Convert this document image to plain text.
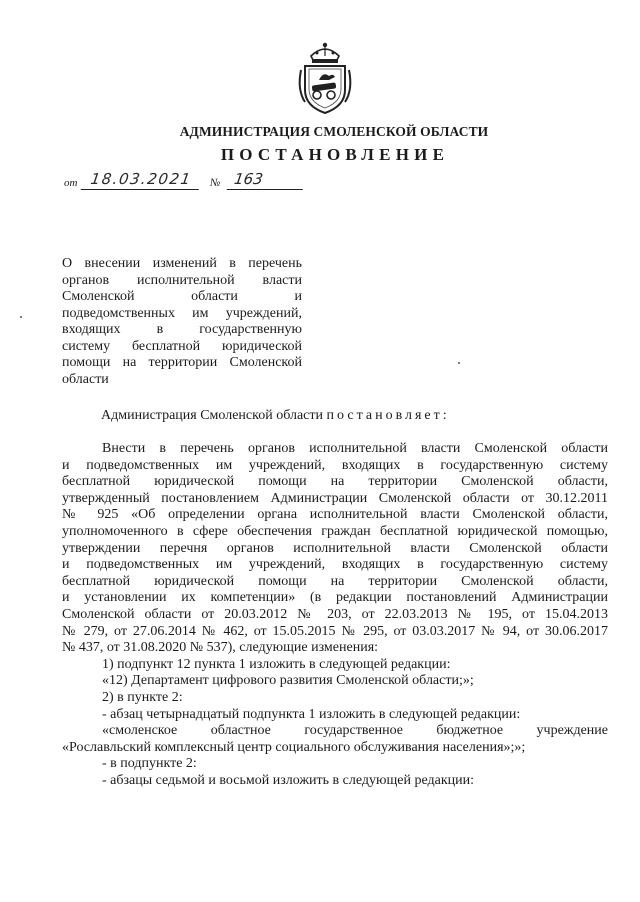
АДМИНИСТРАЦИЯ СМОЛЕНСКОЙ ОБЛАСТИ
ПОСТАНОВЛЕНИЕ
от 18.03.2021	№ 163
О внесении изменений в перечень
органов исполнительной власти
Смоленской области и
подведомственных им учреждений,
входящих в государственную
систему бесплатной юридической
помощи на территории Смоленской
области
Администрация Смоленской области постановляет:
Внести в перечень органов исполнительной власти Смоленской области
и подведомственных им учреждений, входящих в государственную систему
бесплатной юридической помощи на территории Смоленской области,
утвержденный постановлением Администрации Смоленской области от 30.12.2011
№ 925 «Об определении органа исполнительной власти Смоленской области,
уполномоченного в сфере обеспечения граждан бесплатной юридической помощью,
утверждении перечня органов исполнительной власти Смоленской области
и подведомственных им учреждений, входящих в государственную систему
бесплатной юридической помощи на территории Смоленской области,
и установлении их компетенции» (в редакции постановлений Администрации
Смоленской области от 20.03.2012 № 203, от 22.03.2013 № 195, от 15.04.2013
№ 279, от 27.06.2014 № 462, от 15.05.2015 № 295, от 03.03.2017 № 94, от 30.06.2017
№ 437, от 31.08.2020 № 537), следующие изменения:
1) подпункт 12 пункта 1 изложить в следующей редакции:
«12) Департамент цифрового развития Смоленской области;»;
2) в пункте 2:
- абзац четырнадцатый подпункта 1 изложить в следующей редакции:
«смоленское областное государственное бюджетное учреждение
«Рославльский комплексный центр социального обслуживания населения»;»;
- в подпункте 2:
- абзацы седьмой и восьмой изложить в следующей редакции:
